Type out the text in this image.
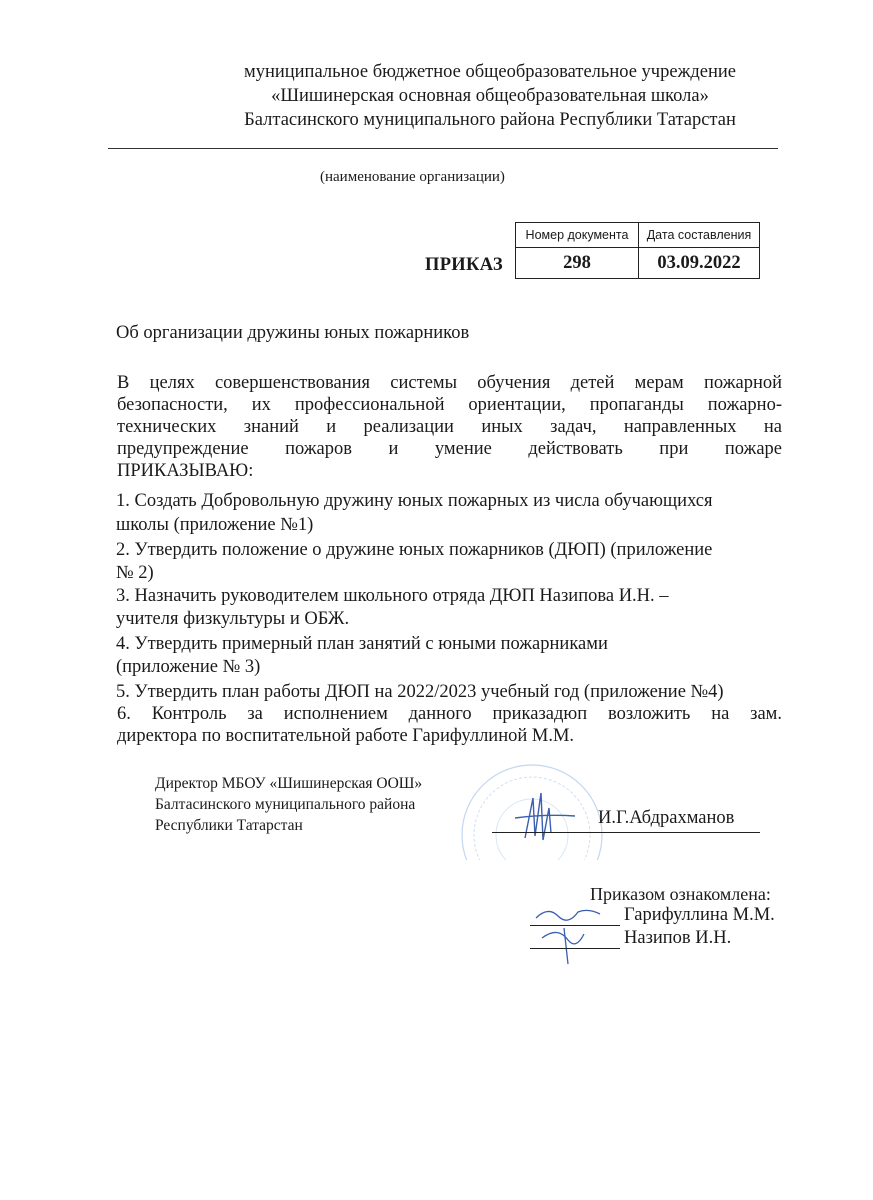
муниципальное бюджетное общеобразовательное учреждение
«Шишинерская основная общеобразовательная школа»
Балтасинского муниципального района Республики Татарстан
(наименование организации)
ПРИКАЗ
Номер документа	Дата составления
298	03.09.2022
Об организации дружины юных пожарников
В целях совершенствования системы обучения детей мерам пожарной
безопасности, их профессиональной ориентации, пропаганды пожарно-
технических знаний и реализации иных задач, направленных на
предупреждение пожаров и умение действовать при пожаре
ПРИКАЗЫВАЮ:
1. Создать Добровольную дружину юных пожарных из числа обучающихся
школы (приложение №1)
2. Утвердить положение о дружине юных пожарников (ДЮП) (приложение
№ 2)
3. Назначить руководителем школьного отряда ДЮП Назипова И.Н. –
учителя физкультуры и ОБЖ.
4. Утвердить примерный план занятий с юными пожарниками
(приложение № 3)
5. Утвердить план работы ДЮП на 2022/2023 учебный год (приложение №4)
6. Контроль за исполнением данного приказадюп возложить на зам.
директора по воспитательной работе Гарифуллиной М.М.
Директор МБОУ «Шишинерская ООШ»
Балтасинского муниципального района
Республики Татарстан	И.Г.Абдрахманов
Приказом ознакомлена:
Гарифуллина М.М.
Назипов И.Н.
